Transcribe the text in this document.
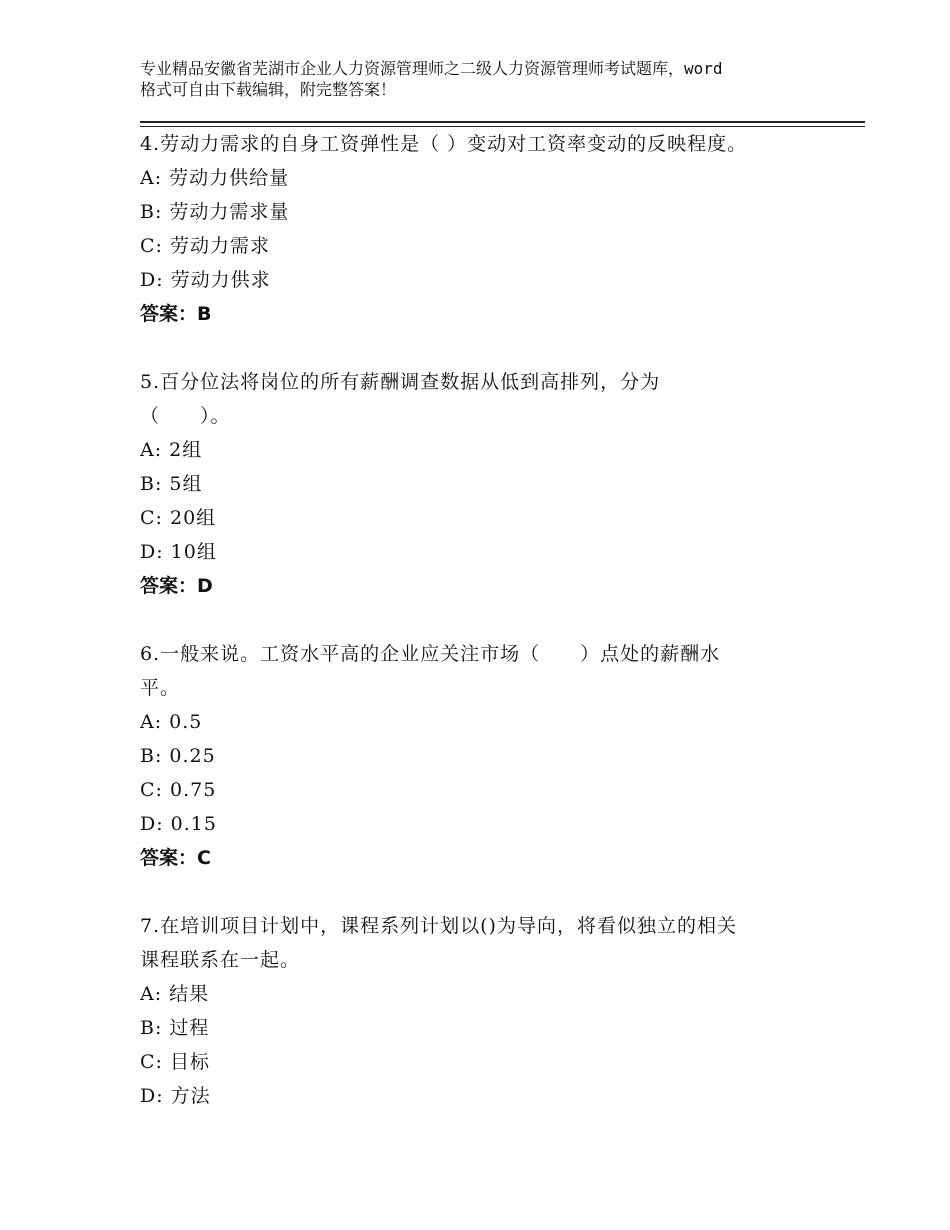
专业精品安徽省芜湖市企业人力资源管理师之二级人力资源管理师考试题库，word
格式可自由下载编辑，附完整答案！
4.劳动力需求的自身工资弹性是（ ）变动对工资率变动的反映程度。
A: 劳动力供给量
B: 劳动力需求量
C: 劳动力需求
D: 劳动力供求
答案：B
5.百分位法将岗位的所有薪酬调查数据从低到高排列，分为
（　　）。
A: 2组
B: 5组
C: 20组
D: 10组
答案：D
6.一般来说。工资水平高的企业应关注市场（　　）点处的薪酬水
平。
A: 0.5
B: 0.25
C: 0.75
D: 0.15
答案：C
7.在培训项目计划中，课程系列计划以()为导向，将看似独立的相关
课程联系在一起。
A: 结果
B: 过程
C: 目标
D: 方法
